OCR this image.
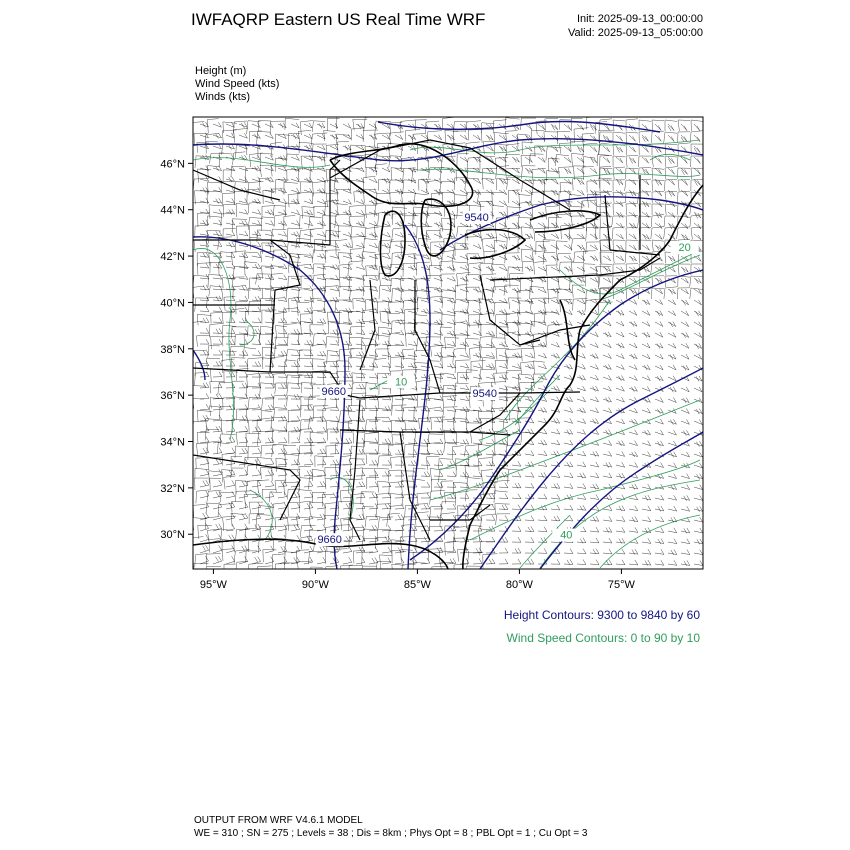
IWFAQRP Eastern US Real Time WRF	Init: 2025-09-13_00:00:00
Valid: 2025-09-13_05:00:00
Height (m)
Wind Speed (kts)
Winds (kts)
95°W	90°W	85°W	80°W	75°W
30°N
32°N
34°N
36°N
38°N
40°N
42°N
44°N
46°N
9540
9660	9540
9660
20
40
10
Height Contours: 9300 to 9840 by 60
Wind Speed Contours: 0 to 90 by 10
OUTPUT FROM WRF V4.6.1 MODEL
WE = 310 ; SN = 275 ; Levels = 38 ; Dis = 8km ; Phys Opt = 8 ; PBL Opt = 1 ; Cu Opt = 3
